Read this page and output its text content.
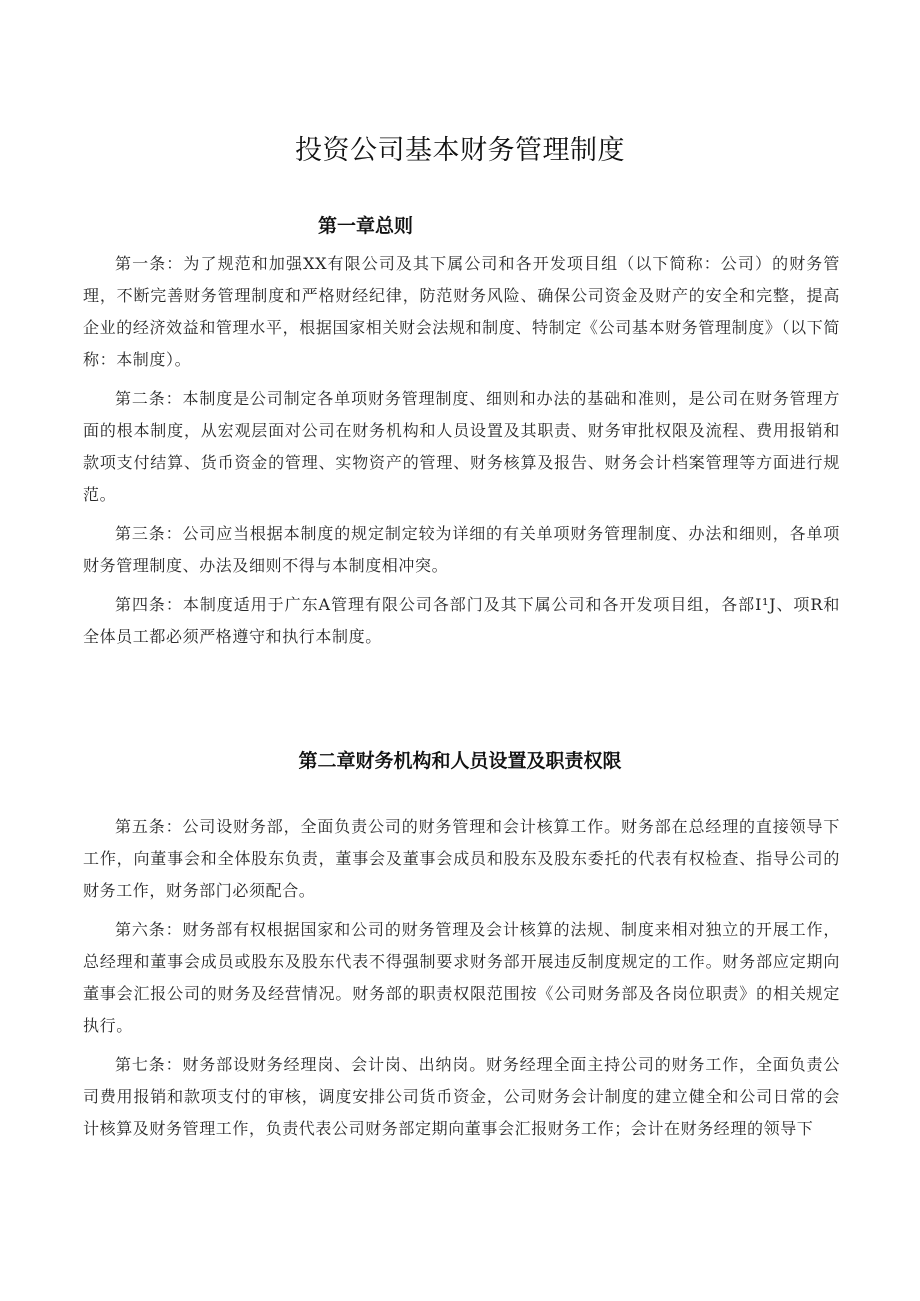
投资公司基本财务管理制度
第一章总则

第一条：为了规范和加强XX有限公司及其下属公司和各开发项目组（以下简称：公司）的财务管理，不断完善财务管理制度和严格财经纪律，防范财务风险、确保公司资金及财产的安全和完整，提高企业的经济效益和管理水平，根据国家相关财会法规和制度、特制定《公司基本财务管理制度》（以下简称：本制度）。

第二条：本制度是公司制定各单项财务管理制度、细则和办法的基础和准则，是公司在财务管理方面的根本制度，从宏观层面对公司在财务机构和人员设置及其职责、财务审批权限及流程、费用报销和款项支付结算、货币资金的管理、实物资产的管理、财务核算及报告、财务会计档案管理等方面进行规范。

第三条：公司应当根据本制度的规定制定较为详细的有关单项财务管理制度、办法和细则，各单项财务管理制度、办法及细则不得与本制度相冲突。

第四条：本制度适用于广东A管理有限公司各部门及其下属公司和各开发项目组，各部I¹J、项R和全体员工都必须严格遵守和执行本制度。

第二章财务机构和人员设置及职责权限

第五条：公司设财务部，全面负责公司的财务管理和会计核算工作。财务部在总经理的直接领导下工作，向董事会和全体股东负责，董事会及董事会成员和股东及股东委托的代表有权检查、指导公司的财务工作，财务部门必须配合。

第六条：财务部有权根据国家和公司的财务管理及会计核算的法规、制度来相对独立的开展工作，总经理和董事会成员或股东及股东代表不得强制要求财务部开展违反制度规定的工作。财务部应定期向董事会汇报公司的财务及经营情况。财务部的职责权限范围按《公司财务部及各岗位职责》的相关规定执行。

第七条：财务部设财务经理岗、会计岗、出纳岗。财务经理全面主持公司的财务工作，全面负责公司费用报销和款项支付的审核，调度安排公司货币资金，公司财务会计制度的建立健全和公司日常的会计核算及财务管理工作，负责代表公司财务部定期向董事会汇报财务工作；会计在财务经理的领导下
